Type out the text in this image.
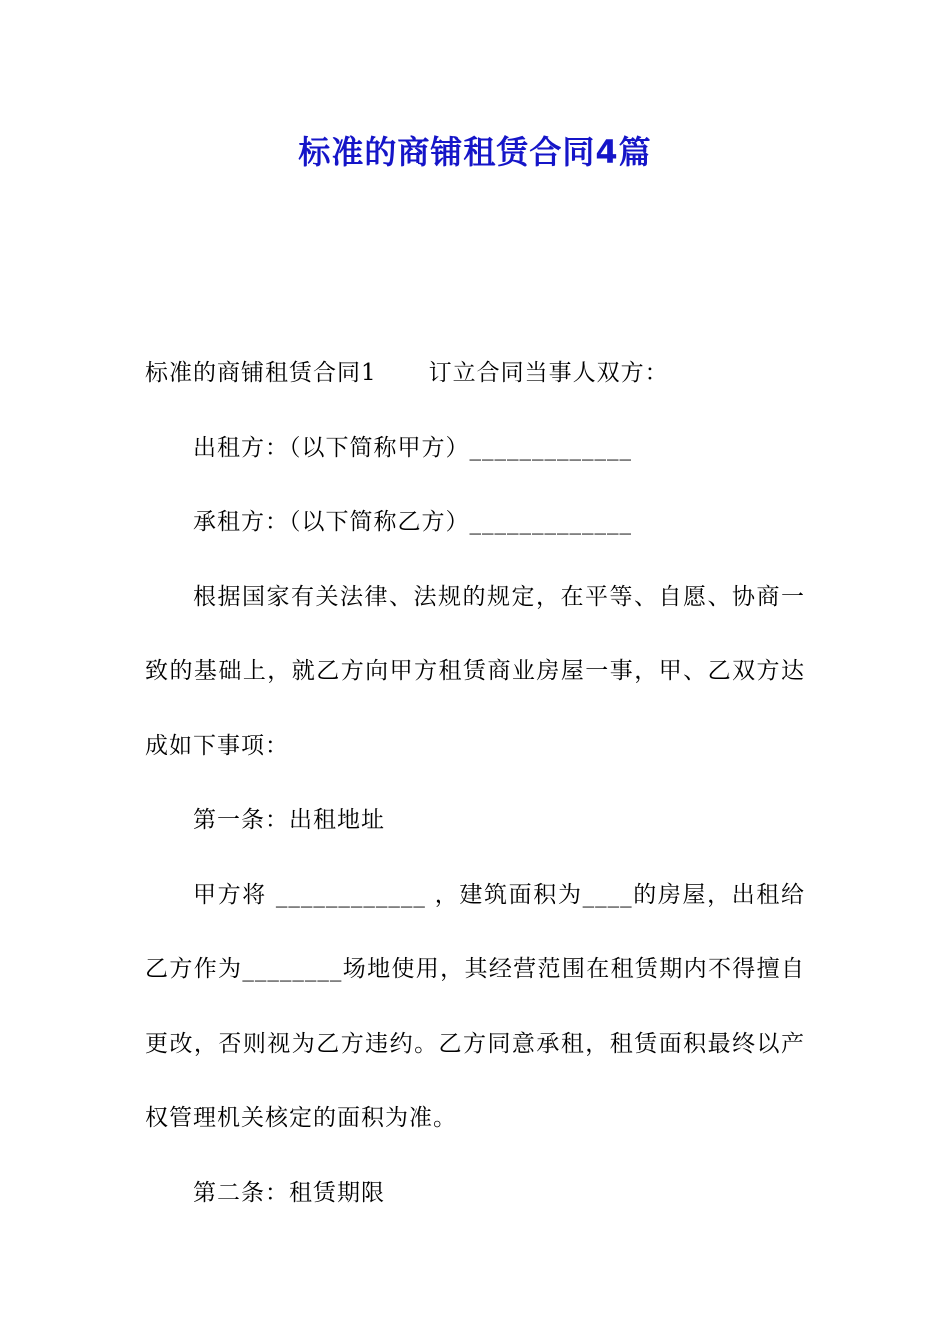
标准的商铺租赁合同4篇
标准的商铺租赁合同1 订立合同当事人双方：
出租方：（以下简称甲方）_____________
承租方：（以下简称乙方）_____________
根据国家有关法律、法规的规定，在平等、自愿、协商一
致的基础上，就乙方向甲方租赁商业房屋一事，甲、乙双方达
成如下事项：
第一条：出租地址
甲方将 ____________ ，建筑面积为____的房屋，出租给
乙方作为________场地使用，其经营范围在租赁期内不得擅自
更改，否则视为乙方违约。乙方同意承租，租赁面积最终以产
权管理机关核定的面积为准。
第二条：租赁期限
